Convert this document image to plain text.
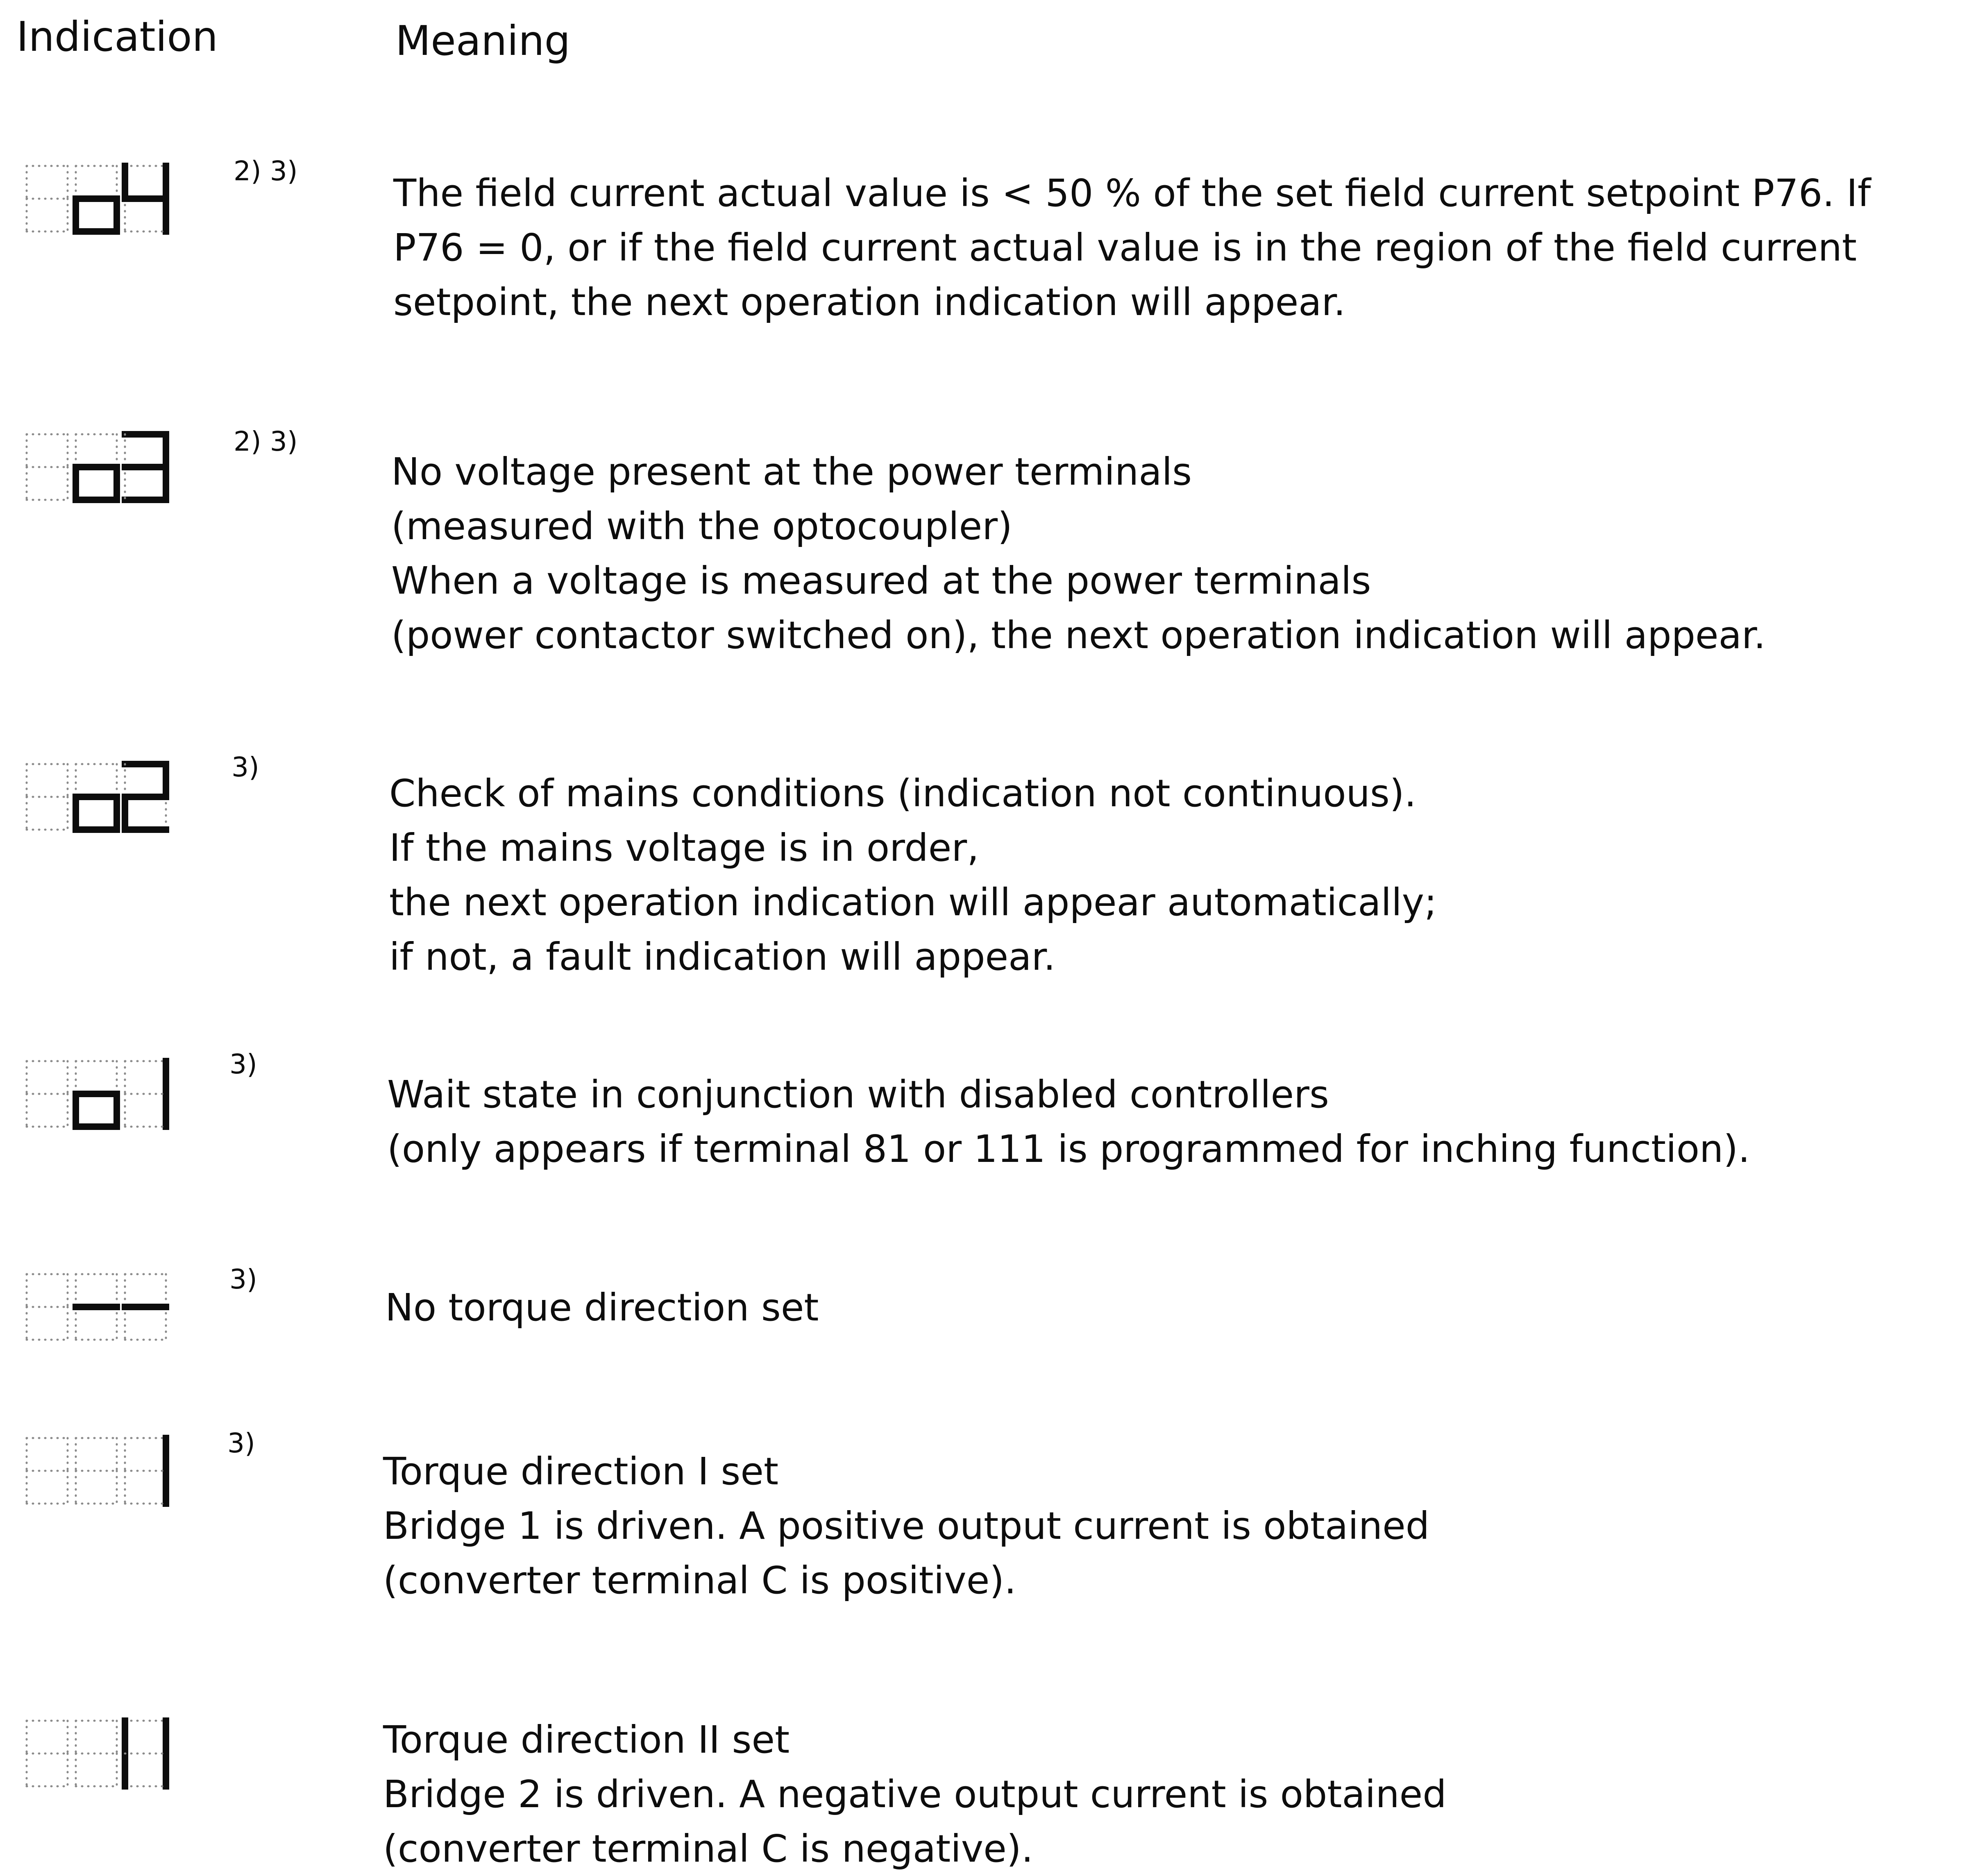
Indication	Meaning
2) 3)
The field current actual value is < 50 % of the set field current setpoint P76. If
P76 = 0, or if the field current actual value is in the region of the field current
setpoint, the next operation indication will appear.
2) 3)
No voltage present at the power terminals
(measured with the optocoupler)
When a voltage is measured at the power terminals
(power contactor switched on), the next operation indication will appear.
3)
Check of mains conditions (indication not continuous).
If the mains voltage is in order,
the next operation indication will appear automatically;
if not, a fault indication will appear.
3)
Wait state in conjunction with disabled controllers
(only appears if terminal 81 or 111 is programmed for inching function).
3)
No torque direction set
3)
Torque direction I set
Bridge 1 is driven. A positive output current is obtained
(converter terminal C is positive).
Torque direction II set
Bridge 2 is driven. A negative output current is obtained
(converter terminal C is negative).
